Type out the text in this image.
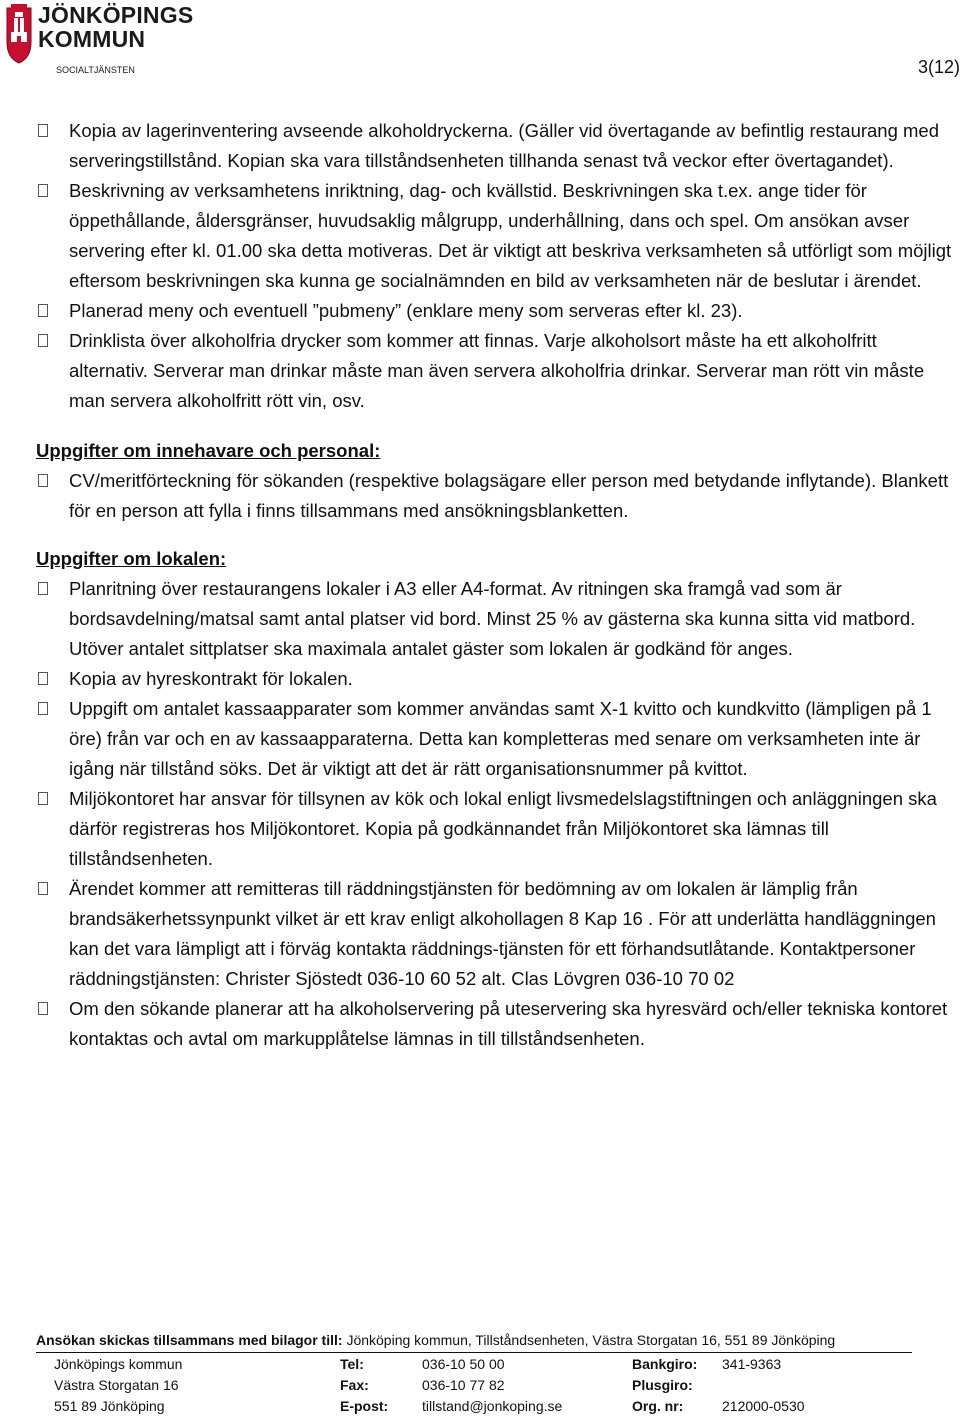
JÖNKÖPINGS
KOMMUN
SOCIALTJÄNSTEN	3(12)
Kopia av lagerinventering avseende alkoholdryckerna. (Gäller vid övertagande av befintlig restaurang med serveringstillstånd. Kopian ska vara tillståndsenheten tillhanda senast två veckor efter övertagandet).
Beskrivning av verksamhetens inriktning, dag- och kvällstid. Beskrivningen ska t.ex. ange tider för öppethållande, åldersgränser, huvudsaklig målgrupp, underhållning, dans och spel. Om ansökan avser servering efter kl. 01.00 ska detta motiveras. Det är viktigt att beskriva verksamheten så utförligt som möjligt eftersom beskrivningen ska kunna ge socialnämnden en bild av verksamheten när de beslutar i ärendet.
Planerad meny och eventuell ”pubmeny” (enklare meny som serveras efter kl. 23).
Drinklista över alkoholfria drycker som kommer att finnas. Varje alkoholsort måste ha ett alkoholfritt alternativ. Serverar man drinkar måste man även servera alkoholfria drinkar. Serverar man rött vin måste man servera alkoholfritt rött vin, osv.
Uppgifter om innehavare och personal:
CV/meritförteckning för sökanden (respektive bolagsägare eller person med betydande inflytande). Blankett för en person att fylla i finns tillsammans med ansökningsblanketten.
Uppgifter om lokalen:
Planritning över restaurangens lokaler i A3 eller A4-format. Av ritningen ska framgå vad som är bordsavdelning/matsal samt antal platser vid bord. Minst 25 % av gästerna ska kunna sitta vid matbord. Utöver antalet sittplatser ska maximala antalet gäster som lokalen är godkänd för anges.
Kopia av hyreskontrakt för lokalen.
Uppgift om antalet kassaapparater som kommer användas samt X-1 kvitto och kundkvitto (lämpligen på 1 öre) från var och en av kassaapparaterna. Detta kan kompletteras med senare om verksamheten inte är igång när tillstånd söks. Det är viktigt att det är rätt organisationsnummer på kvittot.
Miljökontoret har ansvar för tillsynen av kök och lokal enligt livsmedelslagstiftningen och anläggningen ska därför registreras hos Miljökontoret. Kopia på godkännandet från Miljökontoret ska lämnas till tillståndsenheten.
Ärendet kommer att remitteras till räddningstjänsten för bedömning av om lokalen är lämplig från brandsäkerhetssynpunkt vilket är ett krav enligt alkohollagen 8 Kap 16 . För att underlätta handläggningen kan det vara lämpligt att i förväg kontakta räddnings-tjänsten för ett förhandsutlåtande. Kontaktpersoner räddningstjänsten: Christer Sjöstedt 036-10 60 52 alt. Clas Lövgren 036-10 70 02
Om den sökande planerar att ha alkoholservering på uteservering ska hyresvärd och/eller tekniska kontoret kontaktas och avtal om markupplåtelse lämnas in till tillståndsenheten.
Ansökan skickas tillsammans med bilagor till: Jönköping kommun, Tillståndsenheten, Västra Storgatan 16, 551 89 Jönköping
Jönköpings kommun	Tel:	036-10 50 00	Bankgiro: 341-9363
Västra Storgatan 16	Fax:	036-10 77 82	Plusgiro:
551 89 Jönköping	E-post: tillstand@jonkoping.se	Org. nr:	212000-0530
